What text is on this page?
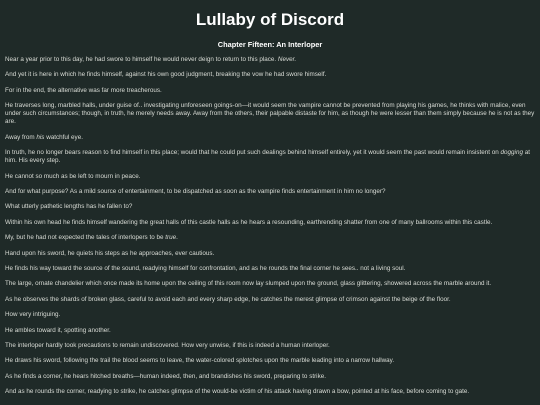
Lullaby of Discord
Chapter Fifteen: An Interloper

Near a year prior to this day, he had swore to himself he would never deign to return to this place. Never.

And yet it is here in which he finds himself, against his own good judgment, breaking the vow he had swore himself.

For in the end, the alternative was far more treacherous.

He traverses long, marbled halls, under guise of.. investigating unforeseen goings-on—it would seem the vampire cannot be prevented from playing his games, he thinks with malice, even under such circumstances; though, in truth, he merely needs away. Away from the others, their palpable distaste for him, as though he were lesser than them simply because he is not as they are.

Away from his watchful eye.

In truth, he no longer bears reason to find himself in this place; would that he could put such dealings behind himself entirely, yet it would seem the past would remain insistent on dogging at him. His every step.

He cannot so much as be left to mourn in peace.

And for what purpose? As a mild source of entertainment, to be dispatched as soon as the vampire finds entertainment in him no longer?

What utterly pathetic lengths has he fallen to?

Within his own head he finds himself wandering the great halls of this castle halls as he hears a resounding, earthrending shatter from one of many ballrooms within this castle.

My, but he had not expected the tales of interlopers to be true.

Hand upon his sword, he quiets his steps as he approaches, ever cautious.

He finds his way toward the source of the sound, readying himself for confrontation, and as he rounds the final corner he sees.. not a living soul.

The large, ornate chandelier which once made its home upon the ceiling of this room now lay slumped upon the ground, glass glittering, showered across the marble around it.

As he observes the shards of broken glass, careful to avoid each and every sharp edge, he catches the merest glimpse of crimson against the beige of the floor.

How very intriguing.

He ambles toward it, spotting another.

The interloper hardly took precautions to remain undiscovered. How very unwise, if this is indeed a human interloper.

He draws his sword, following the trail the blood seems to leave, the water-colored splotches upon the marble leading into a narrow hallway.

As he finds a corner, he hears hitched breaths—human indeed, then, and brandishes his sword, preparing to strike.

And as he rounds the corner, readying to strike, he catches glimpse of the would-be victim of his attack having drawn a bow, pointed at his face, before coming to gate.
